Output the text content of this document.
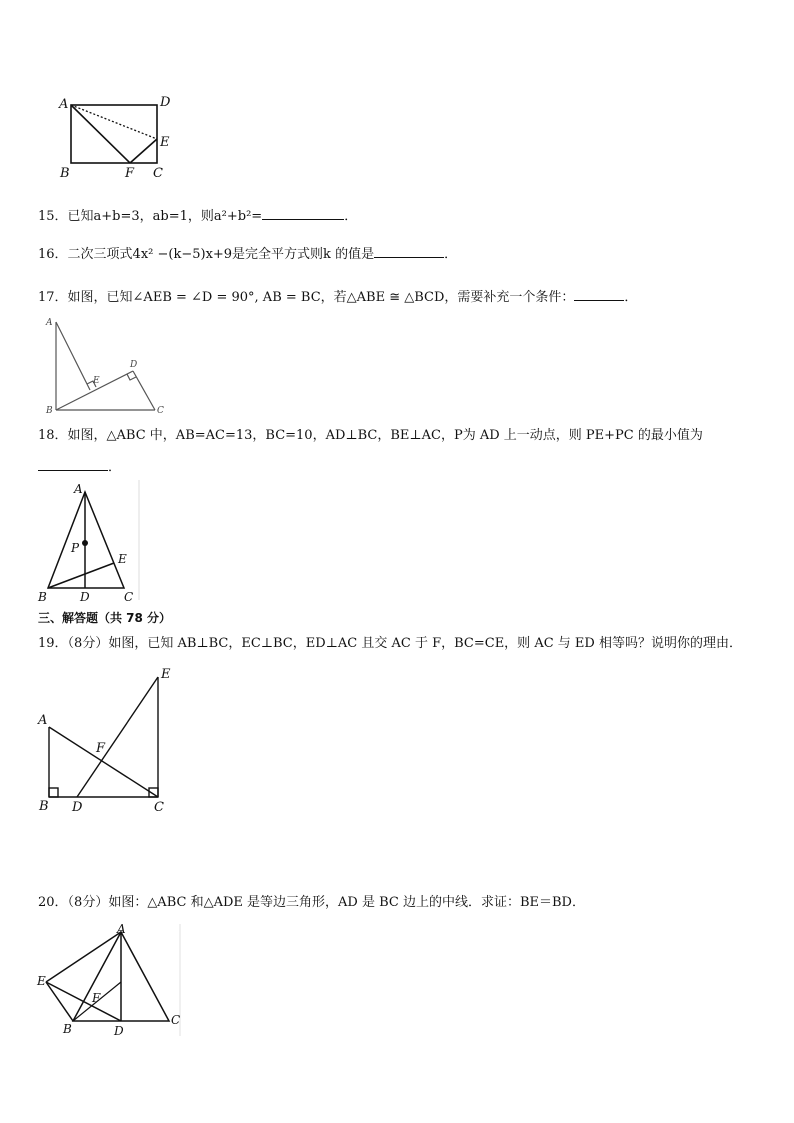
A	D
E
B	F C
15．已知a+b=3，ab=1，则a²+b²=	．
16．二次三项式4x² −(k−5)x+9是完全平方式则k 的值是	．
17．如图，已知∠AEB = ∠D = 90°, AB = BC，若△ABE ≅ △BCD，需要补充一个条件：	．
A
D
E
B	C
18．如图，△ABC 中，AB=AC=13，BC=10，AD⊥BC，BE⊥AC，P为 AD 上一动点，则 PE+PC 的最小值为
．
A
P
E
B	D	C
三、解答题（共 78 分）
19．（8分）如图，已知 AB⊥BC，EC⊥BC，ED⊥AC 且交 AC 于 F，BC=CE，则 AC 与 ED 相等吗？说明你的理由．
A
E
F
B D	C
20．（8分）如图：△ABC 和△ADE 是等边三角形，AD 是 BC 边上的中线．求证：BE＝BD．
A
E
F
B	D
C
